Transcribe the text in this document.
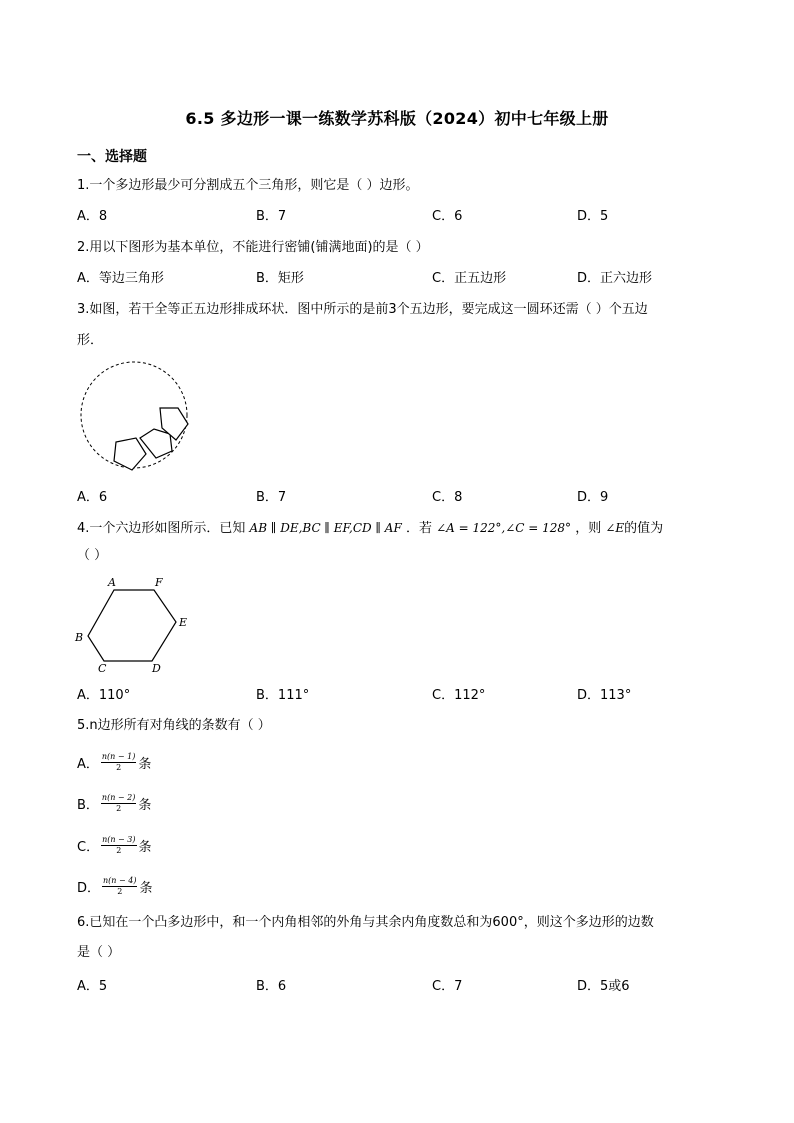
6.5 多边形一课一练数学苏科版（2024）初中七年级上册
一、选择题
1.一个多边形最少可分割成五个三角形，则它是（ ）边形。
A．8	B．7	C．6	D．5
2.用以下图形为基本单位，不能进行密铺(铺满地面)的是（ ）
A．等边三角形	B．矩形	C．正五边形	D．正六边形
3.如图，若干全等正五边形排成环状．图中所示的是前3个五边形，要完成这一圆环还需（ ）个五边
形．
A．6	B．7	C．8	D．9
4.一个六边形如图所示．已知 AB ∥ DE,BC ∥ EF,CD ∥ AF ．若 ∠A = 122°,∠C = 128° ，则 ∠E的值为
（ ）
A	F
B
E
C	D
A．110°	B．111°	C．112°	D．113°
5.n边形所有对角线的条数有（ ）
A． $\frac{n(n - 1)}{2}$ 条
B． $\frac{n(n - 2)}{2}$ 条
C． $\frac{n(n - 3)}{2}$ 条
D． $\frac{n(n - 4)}{2}$ 条
6.已知在一个凸多边形中，和一个内角相邻的外角与其余内角度数总和为600°，则这个多边形的边数
是（ ）
A．5	B．6	C．7	D．5或6
